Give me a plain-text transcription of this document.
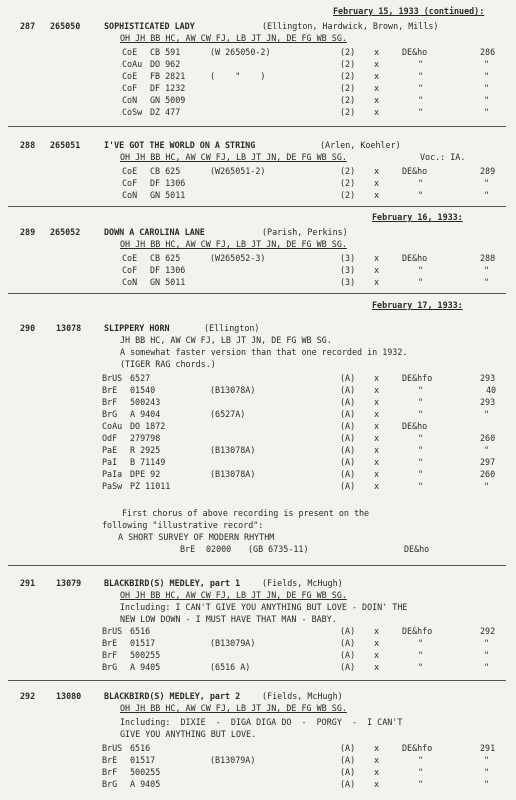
February 15, 1933 (continued):
287 265050	SOPHISTICATED LADY	(Ellington, Hardwick, Brown, Mills)
OH JH BB HC, AW CW FJ, LB JT JN, DE FG WB SG.
CoE CB 591	(W 265050-2)	(2) x	DE&ho	286
CoAu DO 962	(2) x	"	"
CoE FB 2821	(    "    )	(2) x	"	"
CoF DF 1232	(2) x	"	"
CoN GN 5009	(2) x	"	"
CoSw DZ 477	(2) x	"	"
288 265051	I'VE GOT THE WORLD ON A STRING	(Arlen, Koehler)
OH JH BB HC, AW CW FJ, LB JT JN, DE FG WB SG.	Voc.: IA.
CoE CB 625	(W265051-2)	(2) x	DE&ho	289
CoF DF 1306	(2) x	"	"
CoN GN 5011	(2) x	"	"
February 16, 1933:
289 265052	DOWN A CAROLINA LANE	(Parish, Perkins)
OH JH BB HC, AW CW FJ, LB JT JN, DE FG WB SG.
CoE CB 625	(W265052-3)	(3) x	DE&ho	288
CoF DF 1306	(3) x	"	"
CoN GN 5011	(3) x	"	"
February 17, 1933:
290 13078	SLIPPERY HORN	(Ellington)
JH BB HC, AW CW FJ, LB JT JN, DE FG WB SG.
A somewhat faster version than that one recorded in 1932.
(TIGER RAG chords.)
BrUS 6527	(A) x	DE&hfo	293
BrE 01540	(B13078A)	(A) x	"	40
BrF 500243	(A) x	"	293
BrG A 9404	(6527A)	(A) x	"	"
CoAu DO 1872	(A) x	DE&ho
OdF 279798	(A) x	"	260
PaE R 2925	(B13078A)	(A) x	"	"
PaI B 71149	(A) x	"	297
PaIa DPE 92	(B13078A)	(A) x	"	260
PaSw PZ 11011	(A) x	"	"
First chorus of above recording is present on the
following "illustrative record":
A SHORT SURVEY OF MODERN RHYTHM
BrE 02000 (GB 6735-11)	DE&ho
291 13079	BLACKBIRD(S) MEDLEY, part 1	(Fields, McHugh)
OH JH BB HC, AW CW FJ, LB JT JN, DE FG WB SG.
Including: I CAN'T GIVE YOU ANYTHING BUT LOVE - DOIN' THE
NEW LOW DOWN - I MUST HAVE THAT MAN - BABY.
BrUS 6516	(A) x	DE&hfo	292
BrE 01517	(B13079A)	(A) x	"	"
BrF 500255	(A) x	"	"
BrG A 9405	(6516 A)	(A) x	"	"
292 13080	BLACKBIRD(S) MEDLEY, part 2	(Fields, McHugh)
OH JH BB HC, AW CW FJ, LB JT JN, DE FG WB SG.
Including:  DIXIE  -  DIGA DIGA DO  -  PORGY  -  I CAN'T
GIVE YOU ANYTHING BUT LOVE.
BrUS 6516	(A) x	DE&hfo	291
BrE 01517	(B13079A)	(A) x	"	"
BrF 500255	(A) x	"	"
BrG A 9405	(A) x	"	"
